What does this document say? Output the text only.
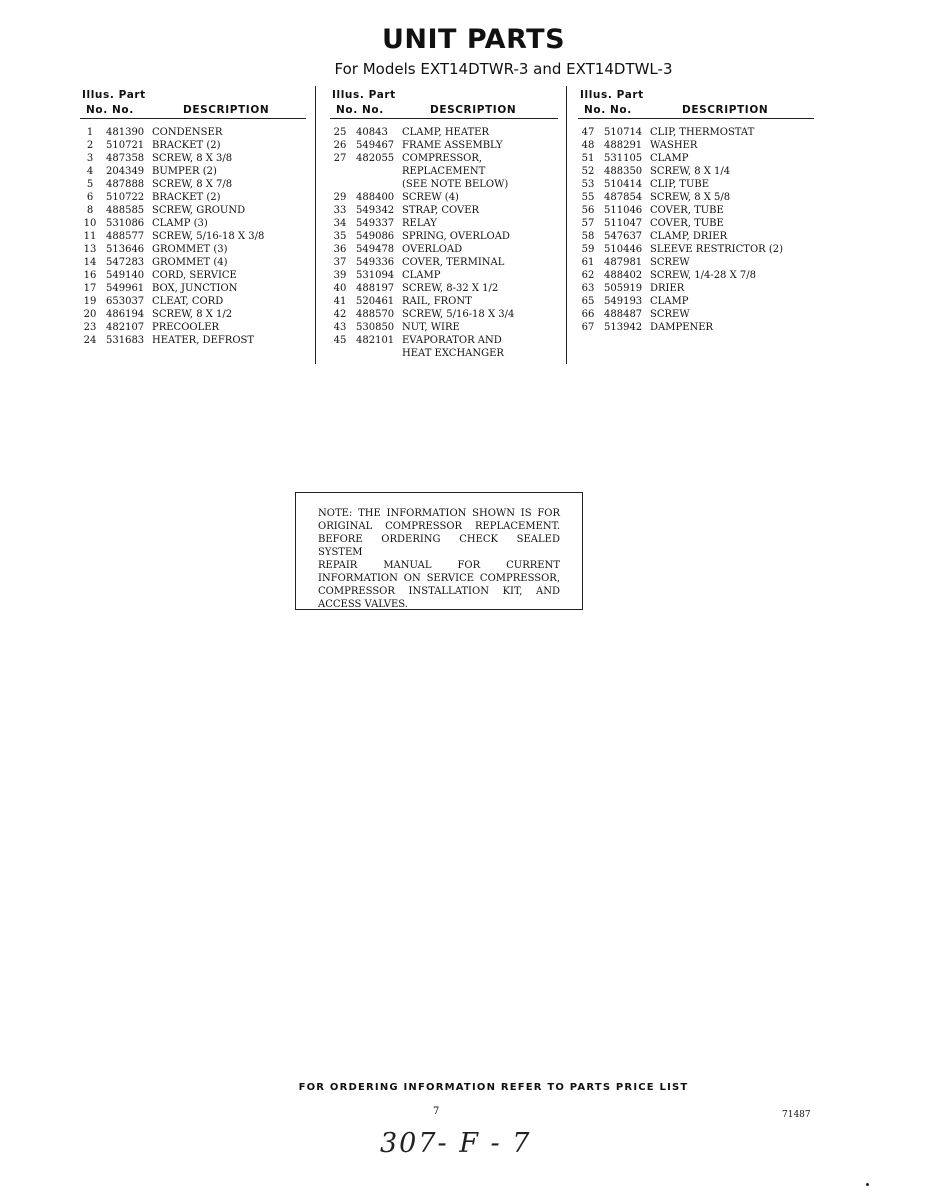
UNIT PARTS
For Models EXT14DTWR-3 and EXT14DTWL-3
Illus. Part
No. No.	DESCRIPTION
1	481390 CONDENSER
2	510721 BRACKET (2)
3	487358 SCREW, 8 X 3/8
4	204349 BUMPER (2)
5	487888 SCREW, 8 X 7/8
6	510722 BRACKET (2)
8	488585 SCREW, GROUND
10 531086 CLAMP (3)
11 488577 SCREW, 5/16-18 X 3/8
13 513646 GROMMET (3)
14 547283 GROMMET (4)
16 549140 CORD, SERVICE
17 549961 BOX, JUNCTION
19 653037 CLEAT, CORD
20 486194 SCREW, 8 X 1/2
23 482107 PRECOOLER
24 531683 HEATER, DEFROST
Illus. Part
No. No.	DESCRIPTION
25 40843	CLAMP, HEATER
26 549467 FRAME ASSEMBLY
27 482055 COMPRESSOR,
REPLACEMENT
(SEE NOTE BELOW)
29 488400 SCREW (4)
33 549342 STRAP, COVER
34 549337 RELAY
35 549086 SPRING, OVERLOAD
36 549478 OVERLOAD
37 549336 COVER, TERMINAL
39 531094 CLAMP
40 488197 SCREW, 8-32 X 1/2
41 520461 RAIL, FRONT
42 488570 SCREW, 5/16-18 X 3/4
43 530850 NUT, WIRE
45 482101 EVAPORATOR AND
HEAT EXCHANGER
Illus. Part
No. No.	DESCRIPTION
47 510714 CLIP, THERMOSTAT
48 488291 WASHER
51 531105 CLAMP
52 488350 SCREW, 8 X 1/4
53 510414 CLIP, TUBE
55 487854 SCREW, 8 X 5/8
56 511046 COVER, TUBE
57 511047 COVER, TUBE
58 547637 CLAMP, DRIER
59 510446 SLEEVE RESTRICTOR (2)
61 487981 SCREW
62 488402 SCREW, 1/4-28 X 7/8
63 505919 DRIER
65 549193 CLAMP
66 488487 SCREW
67 513942 DAMPENER
NOTE: THE INFORMATION SHOWN IS FOR
ORIGINAL COMPRESSOR REPLACEMENT.
BEFORE ORDERING CHECK SEALED SYSTEM
REPAIR MANUAL FOR CURRENT
INFORMATION ON SERVICE COMPRESSOR,
COMPRESSOR INSTALLATION KIT, AND
ACCESS VALVES.
FOR ORDERING INFORMATION REFER TO PARTS PRICE LIST
7	71487
307- F - 7
